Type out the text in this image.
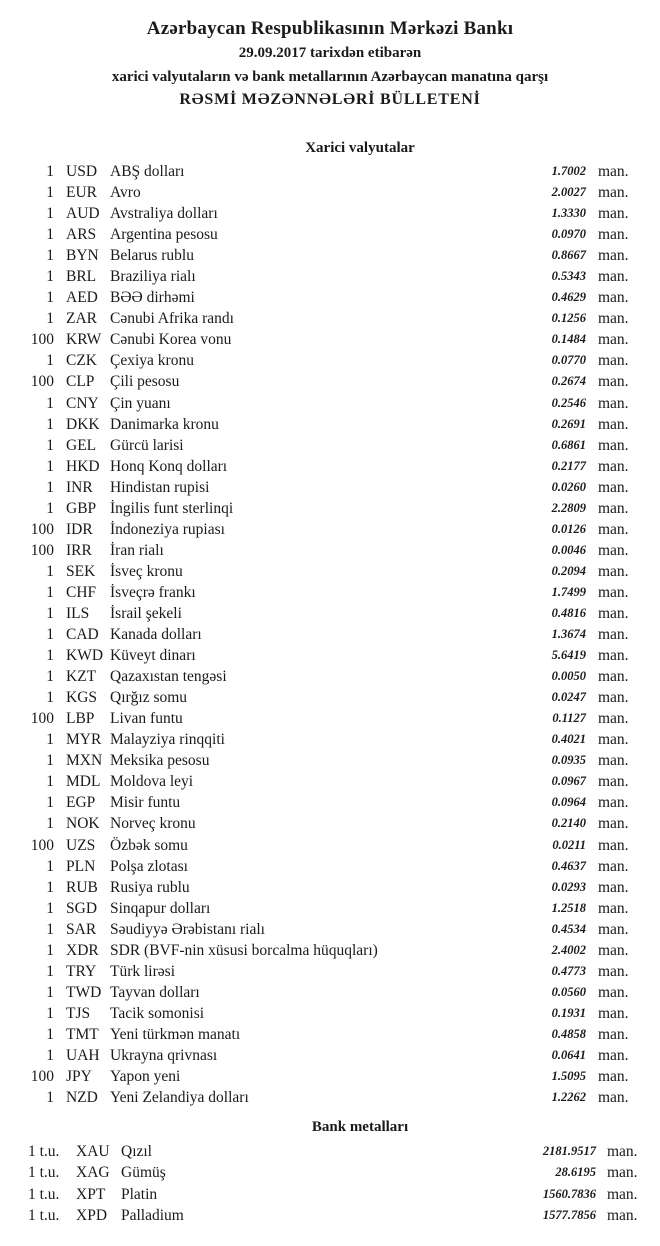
Azərbaycan Respublikasının Mərkəzi Bankı
29.09.2017 tarixdən etibarən
xarici valyutaların və bank metallarının Azərbaycan manatına qarşı
RƏSMİ MƏZƏNNƏLƏRİ BÜLLETENİ
Xarici valyutalar
1 USD ABŞ dolları	1.7002 man.
1 EUR Avro	2.0027 man.
1 AUD Avstraliya dolları	1.3330 man.
1 ARS Argentina pesosu	0.0970 man.
1 BYN Belarus rublu	0.8667 man.
1 BRL Braziliya rialı	0.5343 man.
1 AED BƏƏ dirhəmi	0.4629 man.
1 ZAR Cənubi Afrika randı	0.1256 man.
100 KRW Cənubi Korea vonu	0.1484 man.
1 CZK Çexiya kronu	0.0770 man.
100 CLP Çili pesosu	0.2674 man.
1 CNY Çin yuanı	0.2546 man.
1 DKK Danimarka kronu	0.2691 man.
1 GEL Gürcü larisi	0.6861 man.
1 HKD Honq Konq dolları	0.2177 man.
1 INR Hindistan rupisi	0.0260 man.
1 GBP İngilis funt sterlinqi	2.2809 man.
100 IDR İndoneziya rupiası	0.0126 man.
100 IRR İran rialı	0.0046 man.
1 SEK İsveç kronu	0.2094 man.
1 CHF İsveçrə frankı	1.7499 man.
1 ILS İsrail şekeli	0.4816 man.
1 CAD Kanada dolları	1.3674 man.
1 KWD Küveyt dinarı	5.6419 man.
1 KZT Qazaxıstan tengəsi	0.0050 man.
1 KGS Qırğız somu	0.0247 man.
100 LBP Livan funtu	0.1127 man.
1 MYR Malayziya rinqqiti	0.4021 man.
1 MXN Meksika pesosu	0.0935 man.
1 MDL Moldova leyi	0.0967 man.
1 EGP Misir funtu	0.0964 man.
1 NOK Norveç kronu	0.2140 man.
100 UZS Özbək somu	0.0211 man.
1 PLN Polşa zlotası	0.4637 man.
1 RUB Rusiya rublu	0.0293 man.
1 SGD Sinqapur dolları	1.2518 man.
1 SAR Səudiyyə Ərəbistanı rialı	0.4534 man.
1 XDR SDR (BVF-nin xüsusi borcalma hüquqları)	2.4002 man.
1 TRY Türk lirəsi	0.4773 man.
1 TWD Tayvan dolları	0.0560 man.
1 TJS Tacik somonisi	0.1931 man.
1 TMT Yeni türkmən manatı	0.4858 man.
1 UAH Ukrayna qrivnası	0.0641 man.
100 JPY Yapon yeni	1.5095 man.
1 NZD Yeni Zelandiya dolları	1.2262 man.
Bank metalları
1 t.u. XAU Qızıl	2181.9517 man.
1 t.u. XAG Gümüş	28.6195 man.
1 t.u. XPT Platin	1560.7836 man.
1 t.u. XPD Palladium	1577.7856 man.
